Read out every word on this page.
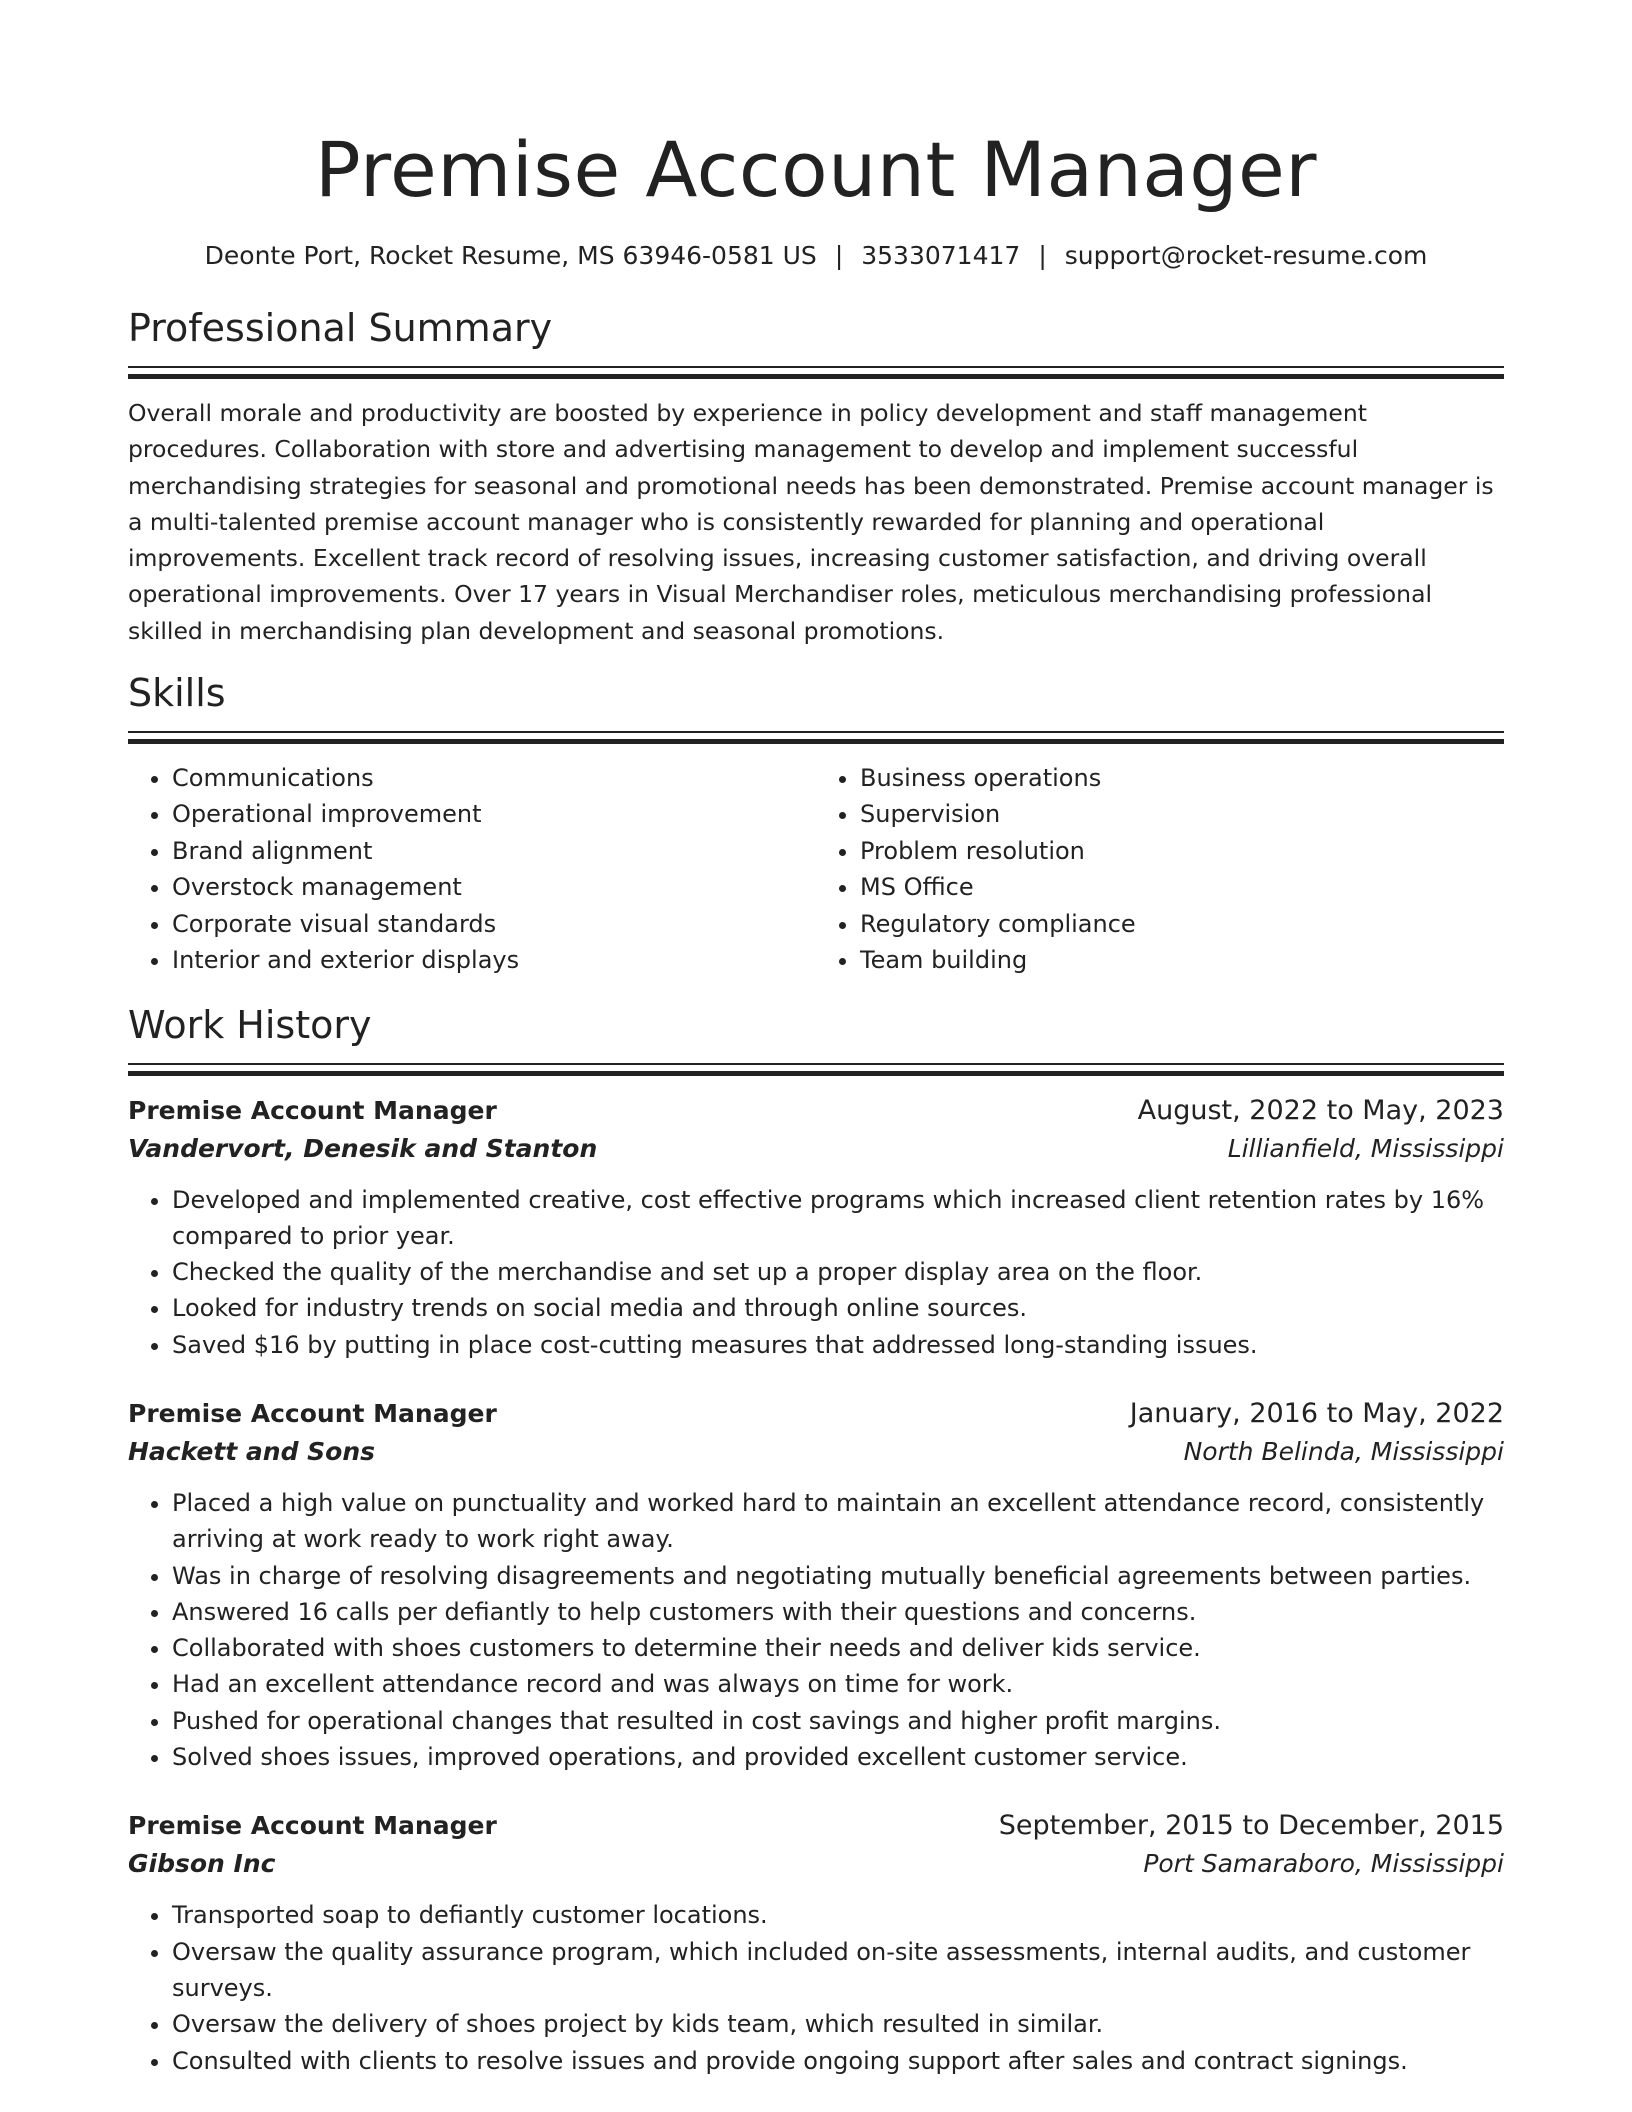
Premise Account Manager
Deonte Port, Rocket Resume, MS 63946-0581 US | 3533071417 | support@rocket-resume.com
Professional Summary

Overall morale and productivity are boosted by experience in policy development and staff management procedures. Collaboration with store and advertising management to develop and implement successful merchandising strategies for seasonal and promotional needs has been demonstrated. Premise account manager is a multi-talented premise account manager who is consistently rewarded for planning and operational improvements. Excellent track record of resolving issues, increasing customer satisfaction, and driving overall operational improvements. Over 17 years in Visual Merchandiser roles, meticulous merchandising professional skilled in merchandising plan development and seasonal promotions.

Skills
• Communications
• Operational improvement
• Brand alignment
• Overstock management
• Corporate visual standards
• Interior and exterior displays
• Business operations
• Supervision
• Problem resolution
• MS Office
• Regulatory compliance
• Team building
Work History
Premise Account Manager	August, 2022 to May, 2023
Vandervort, Denesik and Stanton	Lillianfield, Mississippi
• Developed and implemented creative, cost effective programs which increased client retention rates by 16% compared to prior year.
• Checked the quality of the merchandise and set up a proper display area on the floor.
• Looked for industry trends on social media and through online sources.
• Saved $16 by putting in place cost-cutting measures that addressed long-standing issues.
Premise Account Manager	January, 2016 to May, 2022
Hackett and Sons	North Belinda, Mississippi
• Placed a high value on punctuality and worked hard to maintain an excellent attendance record, consistently arriving at work ready to work right away.
• Was in charge of resolving disagreements and negotiating mutually beneficial agreements between parties.
• Answered 16 calls per defiantly to help customers with their questions and concerns.
• Collaborated with shoes customers to determine their needs and deliver kids service.
• Had an excellent attendance record and was always on time for work.
• Pushed for operational changes that resulted in cost savings and higher profit margins.
• Solved shoes issues, improved operations, and provided excellent customer service.
Premise Account Manager	September, 2015 to December, 2015
Gibson Inc	Port Samaraboro, Mississippi
• Transported soap to defiantly customer locations.
• Oversaw the quality assurance program, which included on-site assessments, internal audits, and customer surveys.
• Oversaw the delivery of shoes project by kids team, which resulted in similar.
• Consulted with clients to resolve issues and provide ongoing support after sales and contract signings.
